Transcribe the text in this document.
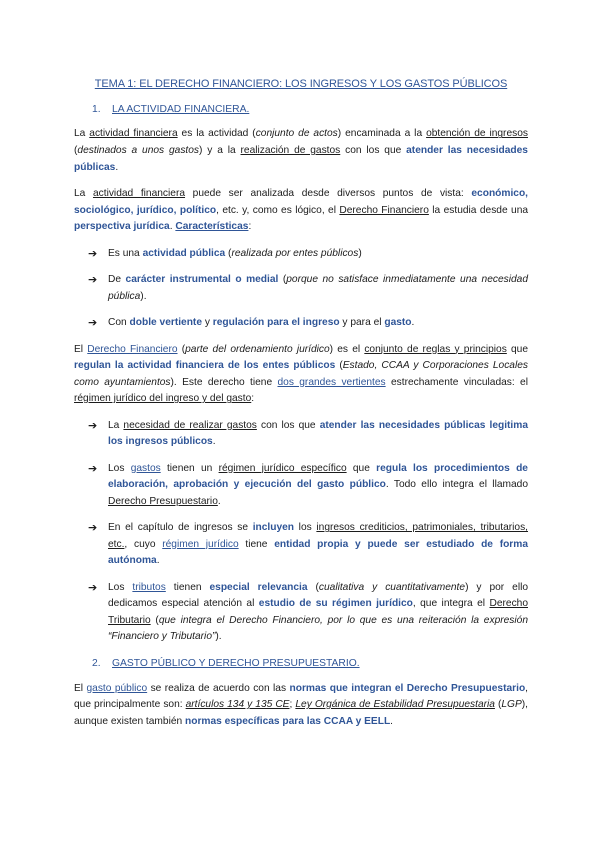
TEMA 1: EL DERECHO FINANCIERO: LOS INGRESOS Y LOS GASTOS PÚBLICOS
1. LA ACTIVIDAD FINANCIERA.

La actividad financiera es la actividad (conjunto de actos) encaminada a la obtención de ingresos (destinados a unos gastos) y a la realización de gastos con los que atender las necesidades públicas.

La actividad financiera puede ser analizada desde diversos puntos de vista: económico, sociológico, jurídico, político, etc. y, como es lógico, el Derecho Financiero la estudia desde una perspectiva jurídica. Características:

➔ Es una actividad pública (realizada por entes públicos)
➔ De carácter instrumental o medial (porque no satisface inmediatamente una necesidad pública).
➔ Con doble vertiente y regulación para el ingreso y para el gasto.

El Derecho Financiero (parte del ordenamiento jurídico) es el conjunto de reglas y principios que regulan la actividad financiera de los entes públicos (Estado, CCAA y Corporaciones Locales como ayuntamientos). Este derecho tiene dos grandes vertientes estrechamente vinculadas: el régimen jurídico del ingreso y del gasto:

➔ La necesidad de realizar gastos con los que atender las necesidades públicas legitima los ingresos públicos.
➔ Los gastos tienen un régimen jurídico específico que regula los procedimientos de elaboración, aprobación y ejecución del gasto público. Todo ello integra el llamado Derecho Presupuestario.
➔ En el capítulo de ingresos se incluyen los ingresos crediticios, patrimoniales, tributarios, etc., cuyo régimen jurídico tiene entidad propia y puede ser estudiado de forma autónoma.
➔ Los tributos tienen especial relevancia (cualitativa y cuantitativamente) y por ello dedicamos especial atención al estudio de su régimen jurídico, que integra el Derecho Tributario (que integra el Derecho Financiero, por lo que es una reiteración la expresión “Financiero y Tributario”).
2. GASTO PÚBLICO Y DERECHO PRESUPUESTARIO.

El gasto público se realiza de acuerdo con las normas que integran el Derecho Presupuestario, que principalmente son: artículos 134 y 135 CE; Ley Orgánica de Estabilidad Presupuestaria (LGP), aunque existen también normas específicas para las CCAA y EELL.
